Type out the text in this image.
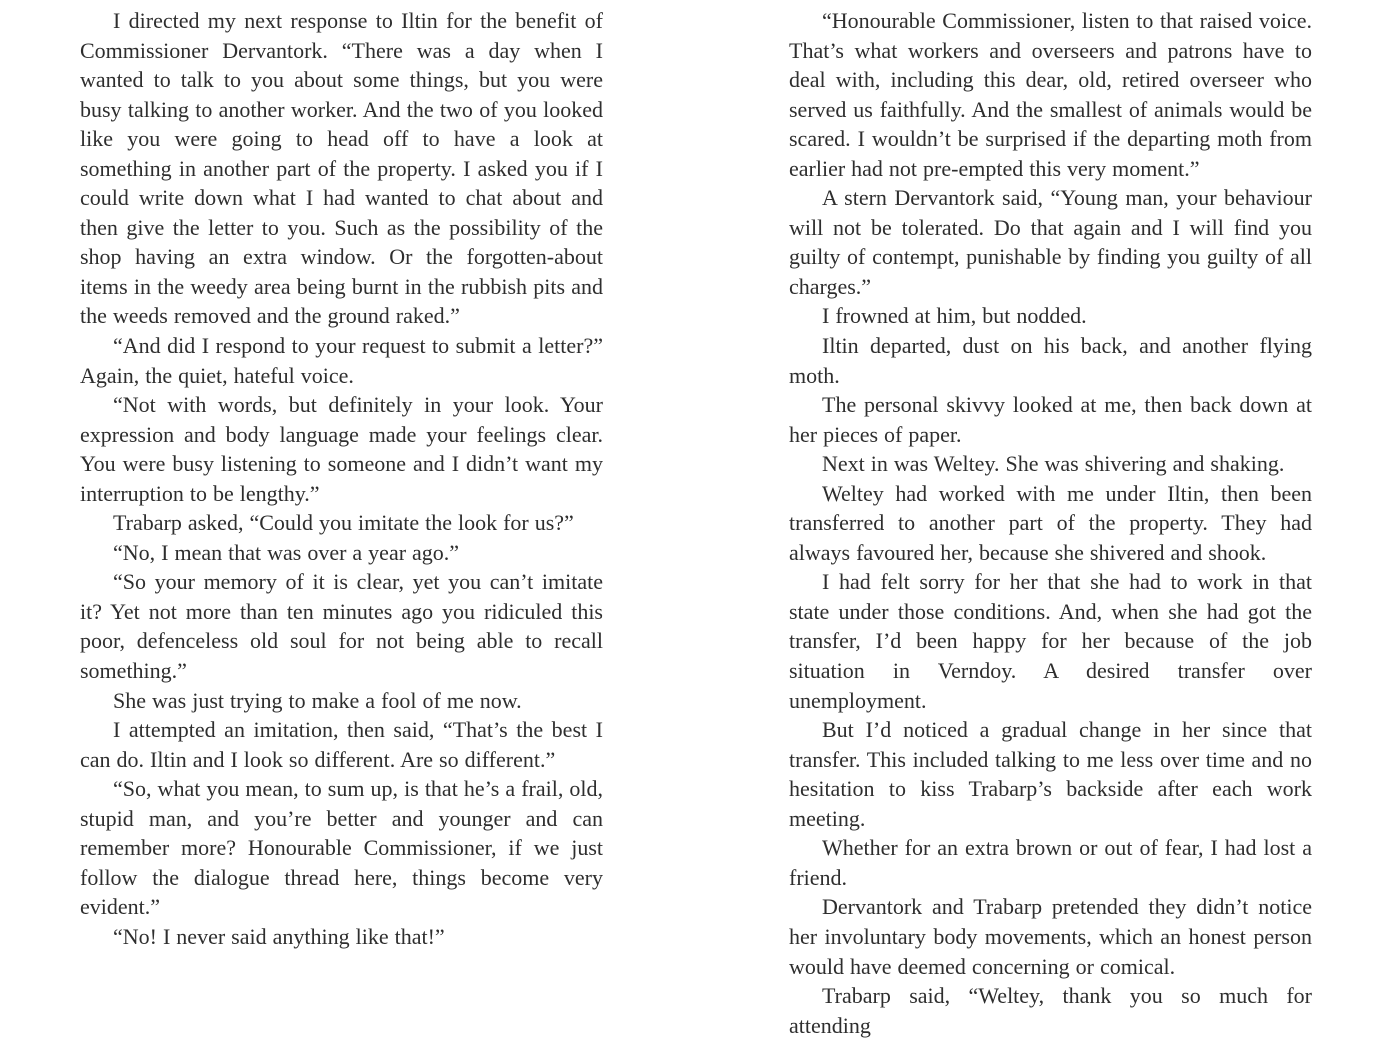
I directed my next response to Iltin for the benefit of Commissioner Dervantork. “There was a day when I wanted to talk to you about some things, but you were busy talking to another worker. And the two of you looked like you were going to head off to have a look at something in another part of the property. I asked you if I could write down what I had wanted to chat about and then give the letter to you. Such as the possibility of the shop having an extra window. Or the forgotten-about items in the weedy area being burnt in the rubbish pits and the weeds removed and the ground raked.”

“And did I respond to your request to submit a letter?” Again, the quiet, hateful voice.

“Not with words, but definitely in your look. Your expression and body language made your feelings clear. You were busy listening to someone and I didn’t want my interruption to be lengthy.”

Trabarp asked, “Could you imitate the look for us?”

“No, I mean that was over a year ago.”

“So your memory of it is clear, yet you can’t imitate it? Yet not more than ten minutes ago you ridiculed this poor, defenceless old soul for not being able to recall something.”

She was just trying to make a fool of me now.

I attempted an imitation, then said, “That’s the best I can do. Iltin and I look so different. Are so different.”

“So, what you mean, to sum up, is that he’s a frail, old, stupid man, and you’re better and younger and can remember more? Honourable Commissioner, if we just follow the dialogue thread here, things become very evident.”

“No! I never said anything like that!”

“Honourable Commissioner, listen to that raised voice. That’s what workers and overseers and patrons have to deal with, including this dear, old, retired overseer who served us faithfully. And the smallest of animals would be scared. I wouldn’t be surprised if the departing moth from earlier had not pre-empted this very moment.”

A stern Dervantork said, “Young man, your behaviour will not be tolerated. Do that again and I will find you guilty of contempt, punishable by finding you guilty of all charges.”

I frowned at him, but nodded.

Iltin departed, dust on his back, and another flying moth.

The personal skivvy looked at me, then back down at her pieces of paper.

Next in was Weltey. She was shivering and shaking.

Weltey had worked with me under Iltin, then been transferred to another part of the property. They had always favoured her, because she shivered and shook.

I had felt sorry for her that she had to work in that state under those conditions. And, when she had got the transfer, I’d been happy for her because of the job situation in Verndoy. A desired transfer over unemployment.

But I’d noticed a gradual change in her since that transfer. This included talking to me less over time and no hesitation to kiss Trabarp’s backside after each work meeting.

Whether for an extra brown or out of fear, I had lost a friend.

Dervantork and Trabarp pretended they didn’t notice her involuntary body movements, which an honest person would have deemed concerning or comical.

Trabarp said, “Weltey, thank you so much for attending
